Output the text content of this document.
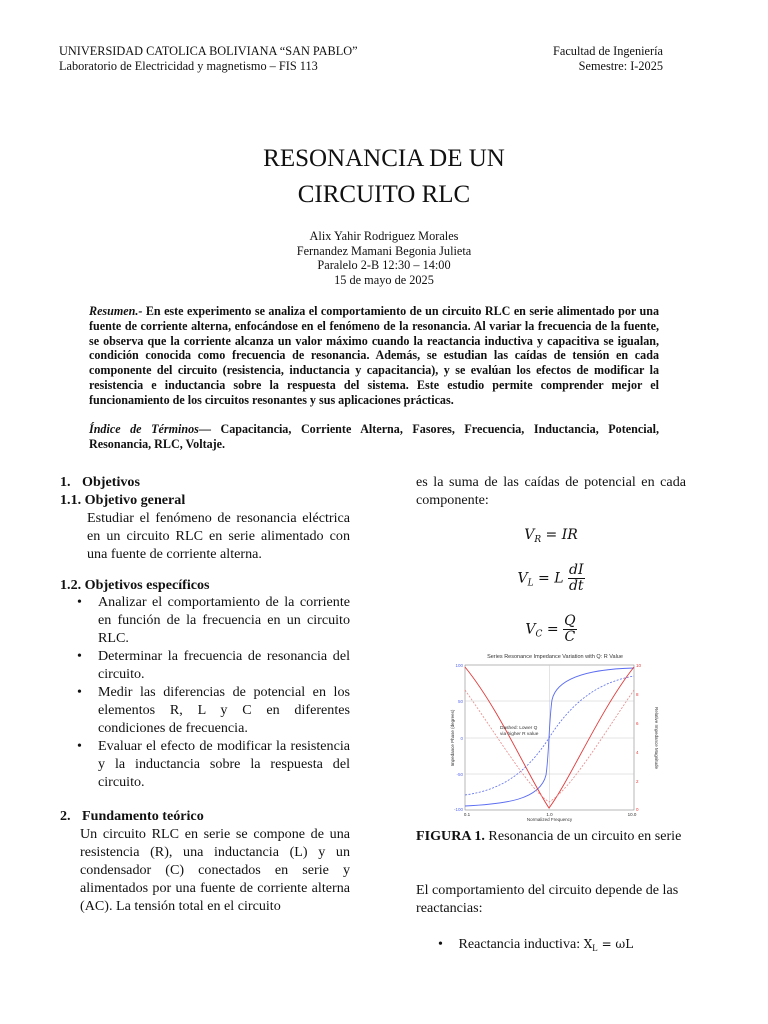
UNIVERSIDAD CATOLICA BOLIVIANA “SAN PABLO”
Laboratorio de Electricidad y magnetismo – FIS 113
Facultad de Ingeniería
Semestre: I-2025
RESONANCIA DE UN
CIRCUITO RLC
Alix Yahir Rodriguez Morales
Fernandez Mamani Begonia Julieta
Paralelo 2-B 12:30 – 14:00
15 de mayo de 2025
Resumen.- En este experimento se analiza el comportamiento de un circuito RLC en serie alimentado por una fuente de corriente alterna, enfocándose en el fenómeno de la resonancia. Al variar la frecuencia de la fuente, se observa que la corriente alcanza un valor máximo cuando la reactancia inductiva y capacitiva se igualan, condición conocida como frecuencia de resonancia. Además, se estudian las caídas de tensión en cada componente del circuito (resistencia, inductancia y capacitancia), y se evalúan los efectos de modificar la resistencia e inductancia sobre la respuesta del sistema. Este estudio permite comprender mejor el funcionamiento de los circuitos resonantes y sus aplicaciones prácticas.
Índice de Términos— Capacitancia, Corriente Alterna, Fasores, Frecuencia, Inductancia, Potencial, Resonancia, RLC, Voltaje.
1. Objetivos
1.1. Objetivo general
Estudiar el fenómeno de resonancia eléctrica en un circuito RLC en serie alimentado con una fuente de corriente alterna.
1.2. Objetivos específicos
• Analizar el comportamiento de la corriente en función de la frecuencia en un circuito RLC.
• Determinar la frecuencia de resonancia del circuito.
• Medir las diferencias de potencial en los elementos R, L y C en diferentes condiciones de frecuencia.
• Evaluar el efecto de modificar la resistencia y la inductancia sobre la respuesta del circuito.
2. Fundamento teórico
Un circuito RLC en serie se compone de una resistencia (R), una inductancia (L) y un condensador (C) conectados en serie y alimentados por una fuente de corriente alterna (AC). La tensión total en el circuito
es la suma de las caídas de potencial en cada componente:
$V_R$ = IR
$V_L = L \frac{dI}{dt}$
$V_C = \frac{Q}{C}$
Series Resonance Impedance Variation with Q: R Value
Dashed: Lower Q
via higher R value
100
50
0
-50
-100
10
8
6
4
2
0
0.1	1.0	10.0
Normalized Frequency
Impedance Phase (degrees)	Relative Impedance Magnitude
FIGURA 1. Resonancia de un circuito en serie
El comportamiento del circuito depende de las reactancias:
• Reactancia inductiva: $X_L = \omega L$
